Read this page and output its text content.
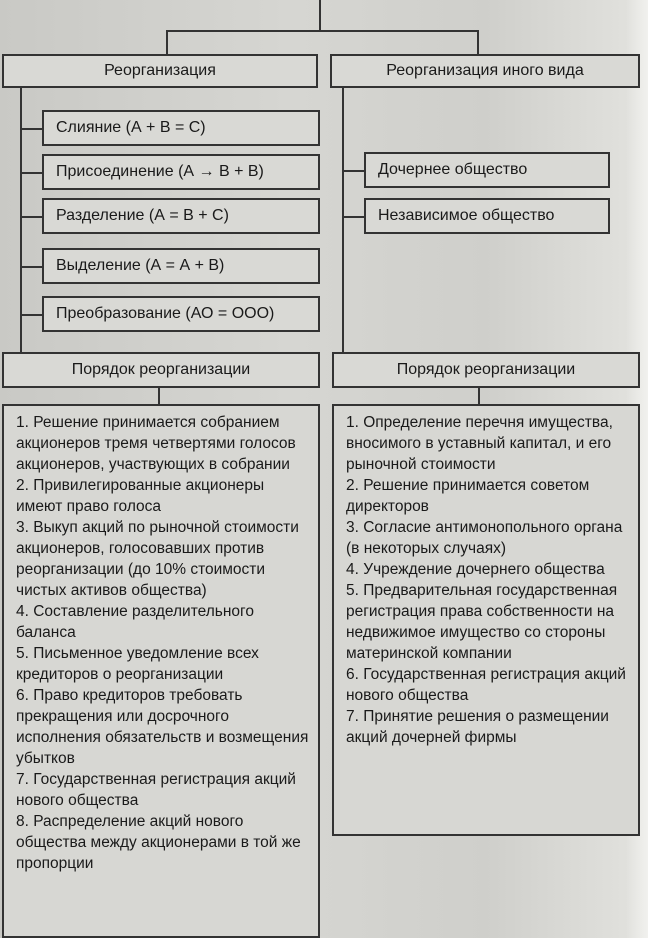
Реорганизация	Реорганизация иного вида
Слияние (А + В = С)
Присоединение (А → В + В)
Разделение (А = В + С)
Выделение (А = А + В)
Преобразование (АО = ООО)
Дочернее общество
Независимое общество
Порядок реорганизации	Порядок реорганизации

1. Решение принимается собранием акционеров тремя четвертями голосов акционеров, участвующих в собрании

2. Привилегированные акционеры имеют право голоса

3. Выкуп акций по рыночной стоимости акционеров, голосовавших против реорганизации (до 10% стоимости чистых активов общества)

4. Составление разделительного баланса

5. Письменное уведомление всех кредиторов о реорганизации

6. Право кредиторов требовать прекращения или досрочного исполнения обязательств и возмещения убытков

7. Государственная регистрация акций нового общества

8. Распределение акций нового общества между акционерами в той же пропорции

1. Определение перечня имущества, вносимого в уставный капитал, и его рыночной стоимости

2. Решение принимается советом директоров

3. Согласие антимонопольного органа (в некоторых случаях)

4. Учреждение дочернего общества

5. Предварительная государственная регистрация права собственности на недвижимое имущество со стороны материнской компании

6. Государственная регистрация акций нового общества

7. Принятие решения о размещении акций дочерней фирмы
